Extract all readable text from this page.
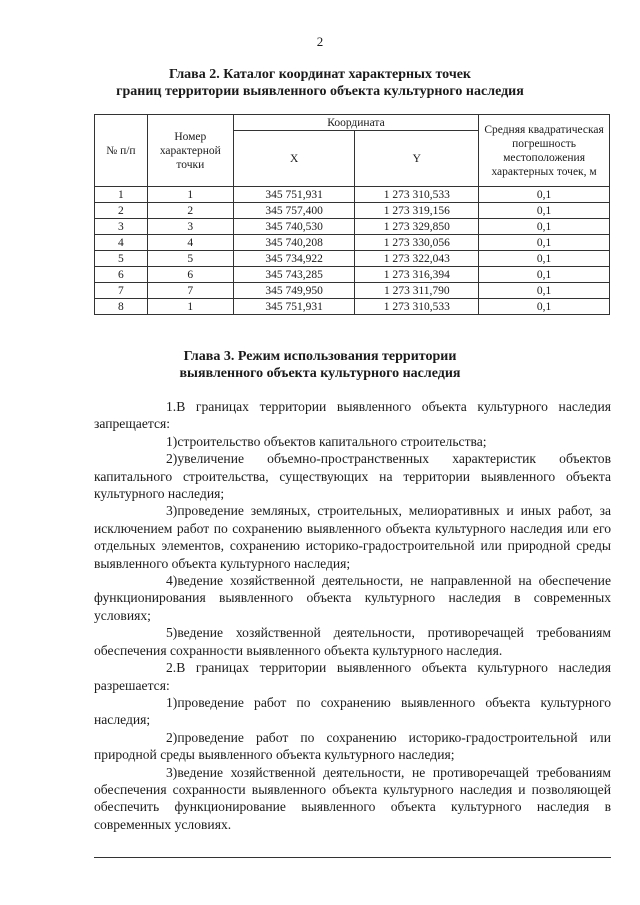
2
Глава 2. Каталог координат характерных точек
границ территории выявленного объекта культурного наследия
№ п/п	Номер характерной точки	Координата		Средняя квадратическая погрешность местоположения характерных точек, м
		X	Y	
1	1	345 751,931	1 273 310,533	0,1
2	2	345 757,400	1 273 319,156	0,1
3	3	345 740,530	1 273 329,850	0,1
4	4	345 740,208	1 273 330,056	0,1
5	5	345 734,922	1 273 322,043	0,1
6	6	345 743,285	1 273 316,394	0,1
7	7	345 749,950	1 273 311,790	0,1
8	1	345 751,931	1 273 310,533	0,1
Глава 3. Режим использования территории
выявленного объекта культурного наследия

1.В границах территории выявленного объекта культурного наследия запрещается:

1)строительство объектов капитального строительства;

2)увеличение объемно-пространственных характеристик объектов капитального строительства, существующих на территории выявленного объекта культурного наследия;

3)проведение земляных, строительных, мелиоративных и иных работ, за исключением работ по сохранению выявленного объекта культурного наследия или его отдельных элементов, сохранению историко-градостроительной или природной среды выявленного объекта культурного наследия;

4)ведение хозяйственной деятельности, не направленной на обеспечение функционирования выявленного объекта культурного наследия в современных условиях;

5)ведение хозяйственной деятельности, противоречащей требованиям обеспечения сохранности выявленного объекта культурного наследия.

2.В границах территории выявленного объекта культурного наследия разрешается:

1)проведение работ по сохранению выявленного объекта культурного наследия;

2)проведение работ по сохранению историко-градостроительной или природной среды выявленного объекта культурного наследия;

3)ведение хозяйственной деятельности, не противоречащей требованиям обеспечения сохранности выявленного объекта культурного наследия и позволяющей обеспечить функционирование выявленного объекта культурного наследия в современных условиях.
